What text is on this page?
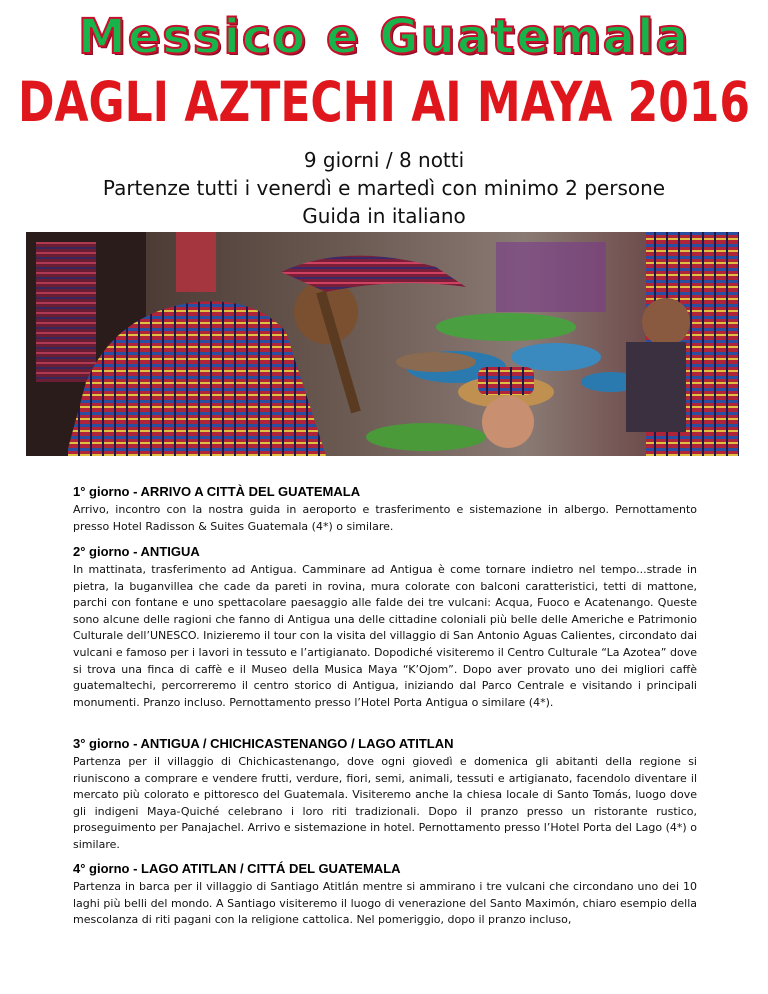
Messico e Guatemala
DAGLI AZTECHI AI MAYA 2016
9 giorni / 8 notti
Partenze tutti i venerdì e martedì con minimo 2 persone
Guida in italiano
1° giorno - ARRIVO A CITTÀ DEL GUATEMALA

Arrivo, incontro con la nostra guida in aeroporto e trasferimento e sistemazione in albergo. Pernottamento presso Hotel Radisson & Suites Guatemala (4*) o similare.

2° giorno - ANTIGUA

In mattinata, trasferimento ad Antigua. Camminare ad Antigua è come tornare indietro nel tempo...strade in pietra, la buganvillea che cade da pareti in rovina, mura colorate con balconi caratteristici, tetti di mattone, parchi con fontane e uno spettacolare paesaggio alle falde dei tre vulcani: Acqua, Fuoco e Acatenango. Queste sono alcune delle ragioni che fanno di Antigua una delle cittadine coloniali più belle delle Americhe e Patrimonio Culturale dell’UNESCO. Inizieremo il tour con la visita del villaggio di San Antonio Aguas Calientes, circondato dai vulcani e famoso per i lavori in tessuto e l’artigianato. Dopodiché visiteremo il Centro Culturale “La Azotea” dove si trova una finca di caffè e il Museo della Musica Maya “K’Ojom”. Dopo aver provato uno dei migliori caffè guatemaltechi, percorreremo il centro storico di Antigua, iniziando dal Parco Centrale e visitando i principali monumenti. Pranzo incluso. Pernottamento presso l’Hotel Porta Antigua o similare (4*).

3° giorno - ANTIGUA / CHICHICASTENANGO / LAGO ATITLAN

Partenza per il villaggio di Chichicastenango, dove ogni giovedì e domenica gli abitanti della regione si riuniscono a comprare e vendere frutti, verdure, fiori, semi, animali, tessuti e artigianato, facendolo diventare il mercato più colorato e pittoresco del Guatemala. Visiteremo anche la chiesa locale di Santo Tomás, luogo dove gli indigeni Maya-Quiché celebrano i loro riti tradizionali. Dopo il pranzo presso un ristorante rustico, proseguimento per Panajachel. Arrivo e sistemazione in hotel. Pernottamento presso l’Hotel Porta del Lago (4*) o similare.

4° giorno - LAGO ATITLAN / CITTÁ DEL GUATEMALA

Partenza in barca per il villaggio di Santiago Atitlán mentre si ammirano i tre vulcani che circondano uno dei 10 laghi più belli del mondo. A Santiago visiteremo il luogo di venerazione del Santo Maximón, chiaro esempio della mescolanza di riti pagani con la religione cattolica. Nel pomeriggio, dopo il pranzo incluso,
